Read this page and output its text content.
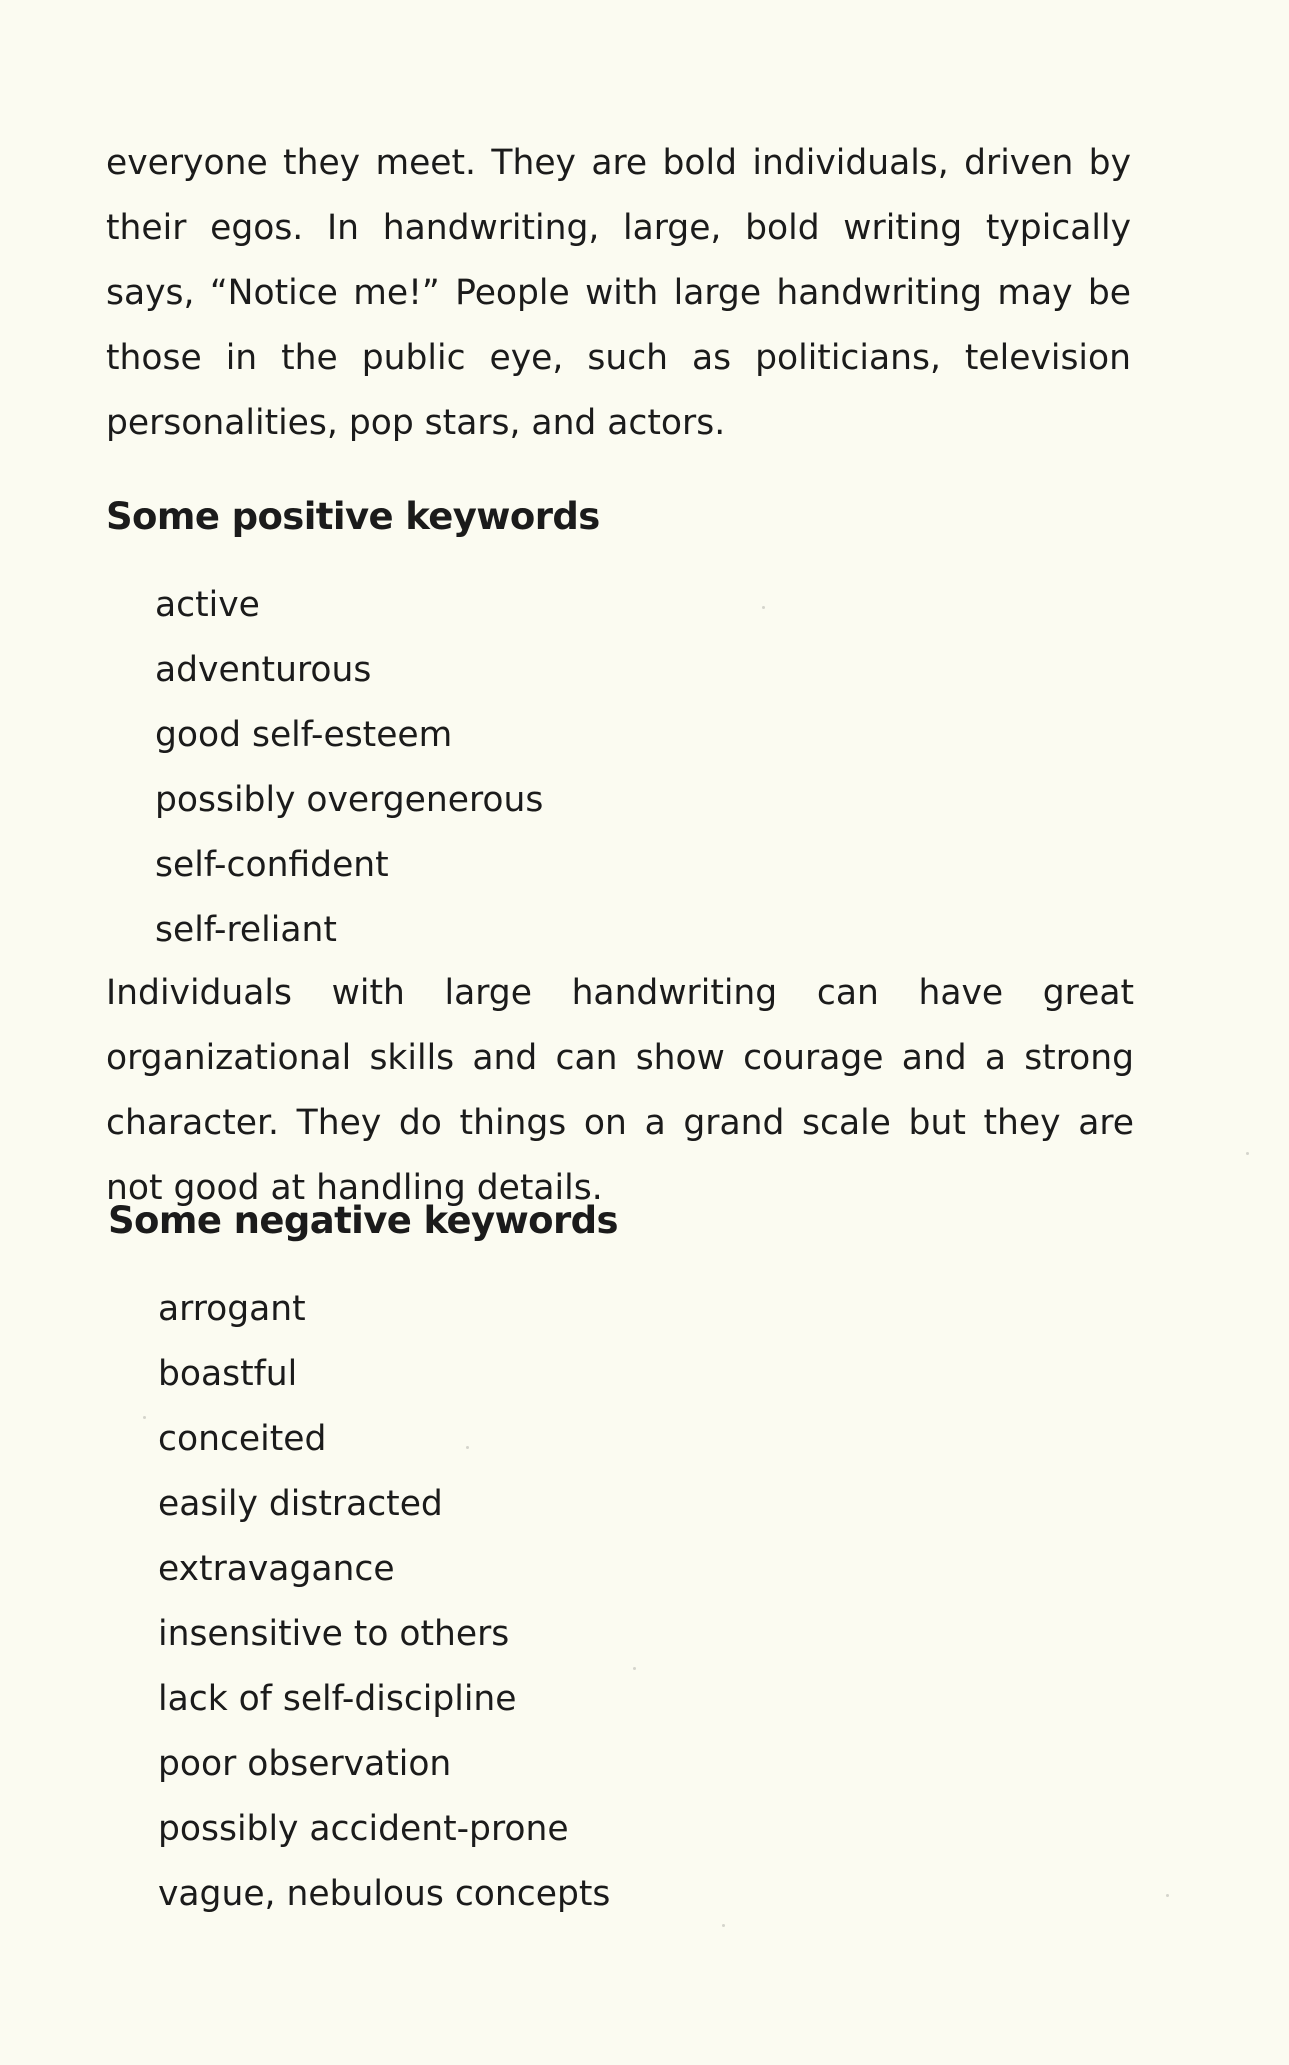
everyone they meet. They are bold individuals, driven by their egos. In handwriting, large, bold writing typically says, “Notice me!” People with large handwriting may be those in the public eye, such as politicians, television personalities, pop stars, and actors.

Some positive keywords
active
adventurous
good self-esteem
possibly overgenerous
self-confident
self-reliant

Individuals with large handwriting can have great organizational skills and can show courage and a strong character. They do things on a grand scale but they are not good at handling details.

Some negative keywords
arrogant
boastful
conceited
easily distracted
extravagance
insensitive to others
lack of self-discipline
poor observation
possibly accident-prone
vague, nebulous concepts
